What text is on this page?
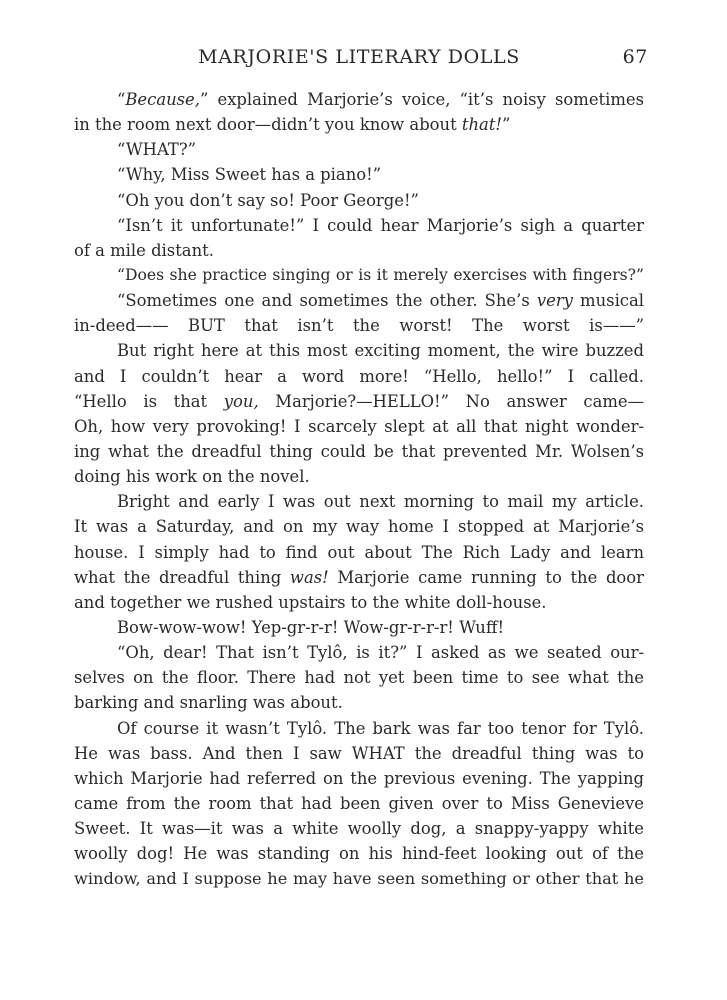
MARJORIE'S LITERARY DOLLS	67
“Because,” explained Marjorie’s voice, “it’s noisy sometimes
in the room next door—didn’t you know about that!”
“WHAT?”
“Why, Miss Sweet has a piano!”
“Oh you don’t say so! Poor George!”
“Isn’t it unfortunate!” I could hear Marjorie’s sigh a quarter
of a mile distant.
“Does she practice singing or is it merely exercises with fingers?”
“Sometimes one and sometimes the other. She’s very musical
in-deed—— BUT that isn’t the worst! The worst is——”
But right here at this most exciting moment, the wire buzzed
and I couldn’t hear a word more! “Hello, hello!” I called.
“Hello is that you, Marjorie?—HELLO!” No answer came—
Oh, how very provoking! I scarcely slept at all that night wonder-
ing what the dreadful thing could be that prevented Mr. Wolsen’s
doing his work on the novel.
Bright and early I was out next morning to mail my article.
It was a Saturday, and on my way home I stopped at Marjorie’s
house. I simply had to find out about The Rich Lady and learn
what the dreadful thing was! Marjorie came running to the door
and together we rushed upstairs to the white doll-house.
Bow-wow-wow! Yep-gr-r-r! Wow-gr-r-r-r! Wuff!
“Oh, dear! That isn’t Tylô, is it?” I asked as we seated our-
selves on the floor. There had not yet been time to see what the
barking and snarling was about.
Of course it wasn’t Tylô. The bark was far too tenor for Tylô.
He was bass. And then I saw WHAT the dreadful thing was to
which Marjorie had referred on the previous evening. The yapping
came from the room that had been given over to Miss Genevieve
Sweet. It was—it was a white woolly dog, a snappy-yappy white
woolly dog! He was standing on his hind-feet looking out of the
window, and I suppose he may have seen something or other that he
